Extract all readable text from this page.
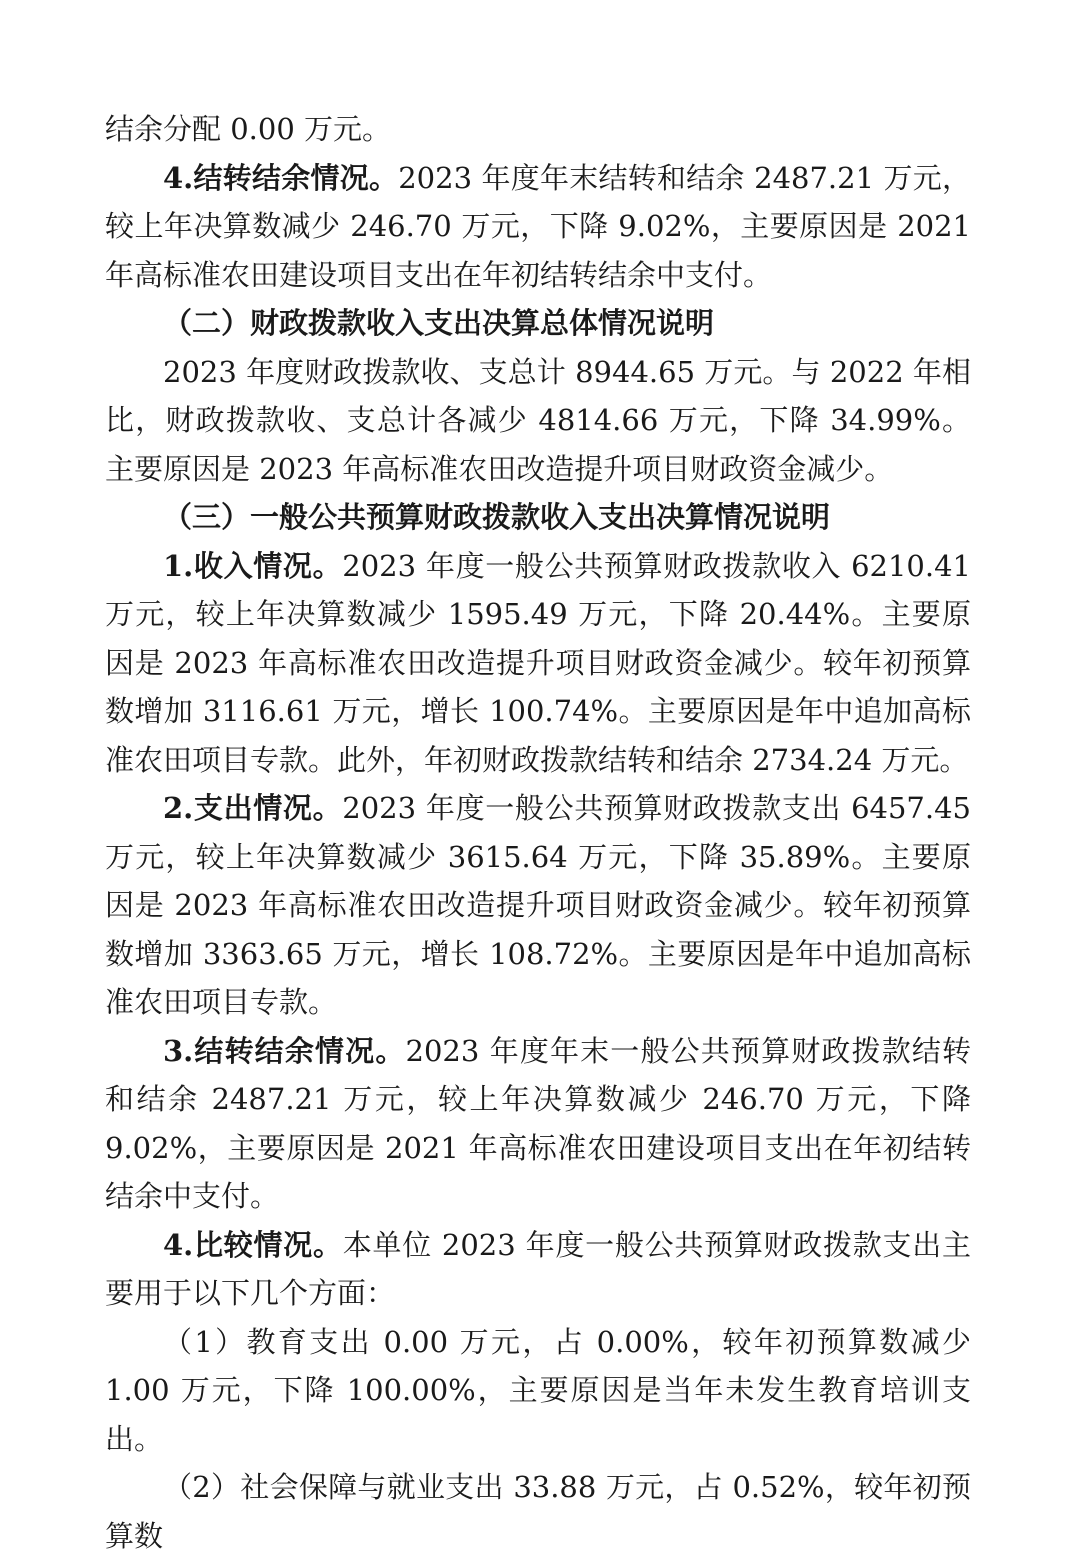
结余分配 0.00 万元。

4.结转结余情况。2023 年度年末结转和结余 2487.21 万元，较上年决算数减少 246.70 万元，下降 9.02%，主要原因是 2021 年高标准农田建设项目支出在年初结转结余中支付。

（二）财政拨款收入支出决算总体情况说明

2023 年度财政拨款收、支总计 8944.65 万元。与 2022 年相比，财政拨款收、支总计各减少 4814.66 万元，下降 34.99%。主要原因是 2023 年高标准农田改造提升项目财政资金减少。

（三）一般公共预算财政拨款收入支出决算情况说明

1.收入情况。2023 年度一般公共预算财政拨款收入 6210.41 万元，较上年决算数减少 1595.49 万元，下降 20.44%。主要原因是 2023 年高标准农田改造提升项目财政资金减少。较年初预算数增加 3116.61 万元，增长 100.74%。主要原因是年中追加高标准农田项目专款。此外，年初财政拨款结转和结余 2734.24 万元。

2.支出情况。2023 年度一般公共预算财政拨款支出 6457.45 万元，较上年决算数减少 3615.64 万元，下降 35.89%。主要原因是 2023 年高标准农田改造提升项目财政资金减少。较年初预算数增加 3363.65 万元，增长 108.72%。主要原因是年中追加高标准农田项目专款。

3.结转结余情况。2023 年度年末一般公共预算财政拨款结转和结余 2487.21 万元，较上年决算数减少 246.70 万元，下降 9.02%，主要原因是 2021 年高标准农田建设项目支出在年初结转结余中支付。

4.比较情况。本单位 2023 年度一般公共预算财政拨款支出主要用于以下几个方面：

（1）教育支出 0.00 万元，占 0.00%，较年初预算数减少 1.00 万元，下降 100.00%，主要原因是当年未发生教育培训支出。

（2）社会保障与就业支出 33.88 万元，占 0.52%，较年初预算数
